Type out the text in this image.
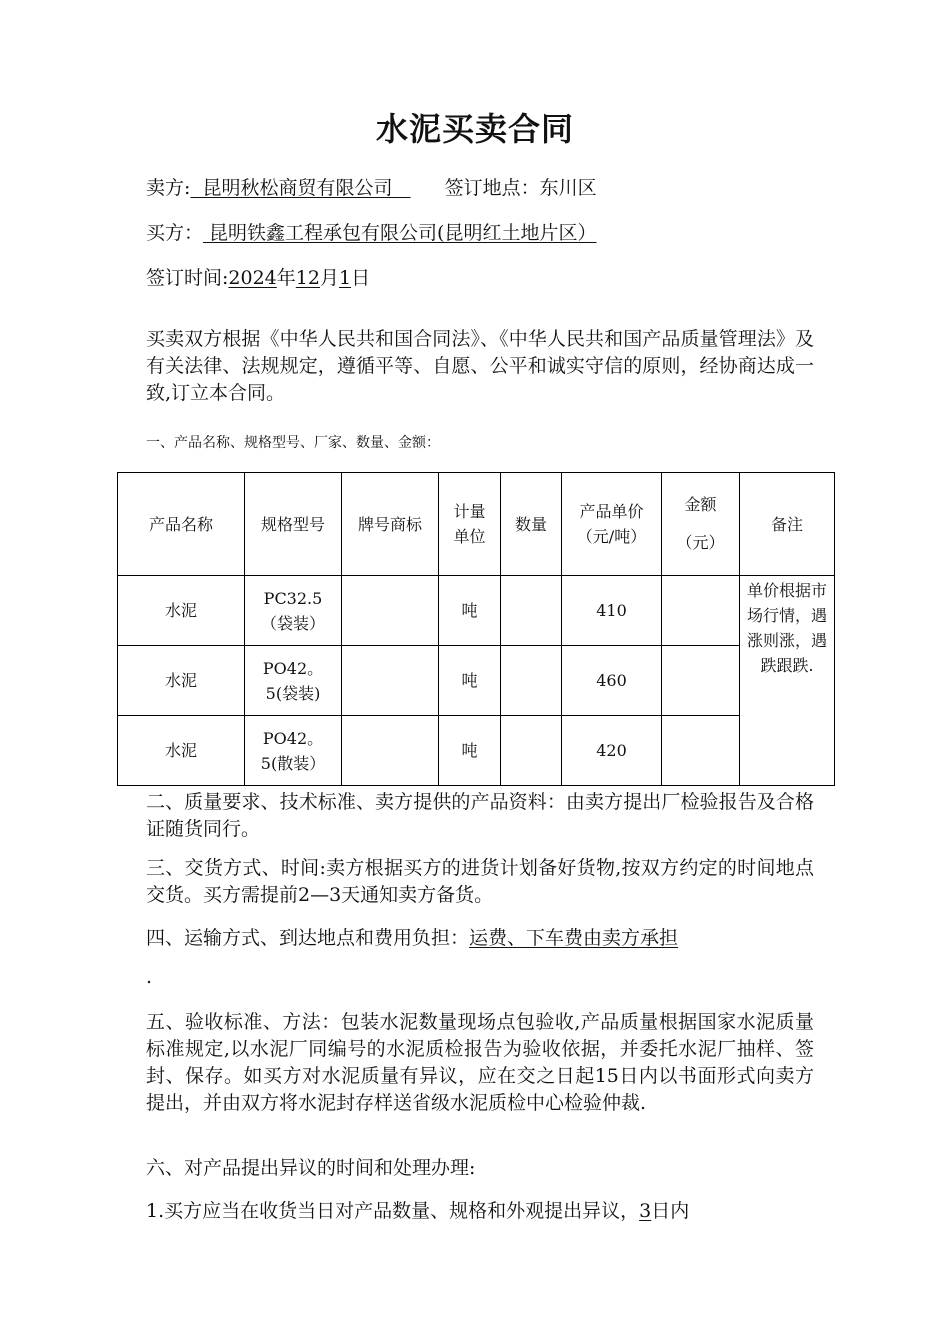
水泥买卖合同
卖方:  昆明秋松商贸有限公司   签订地点：东川区
买方： 昆明铁鑫工程承包有限公司(昆明红土地片区）
签订时间:2024年12月1日
买卖双方根据《中华人民共和国合同法》、《中华人民共和国产品质量管理法》及有关法律、法规规定，遵循平等、自愿、公平和诚实守信的原则，经协商达成一致,订立本合同。
一、产品名称、规格型号、厂家、数量、金额：
产品名称	规格型号	牌号商标	计量单位	数量	产品单价（元/吨）	金额（元）	备注
水泥	PC32.5（袋装）		吨		410		单价根据市场行情，遇涨则涨，遇跌跟跌.
水泥	PO42。5(袋装)		吨		460		
水泥	PO42。5(散装）		吨		420		
二、质量要求、技术标准、卖方提供的产品资料：由卖方提出厂检验报告及合格证随货同行。
三、交货方式、时间:卖方根据买方的进货计划备好货物,按双方约定的时间地点交货。买方需提前2—3天通知卖方备货。
四、运输方式、到达地点和费用负担：运费、下车费由卖方承担
.
五、验收标准、方法：包装水泥数量现场点包验收,产品质量根据国家水泥质量标准规定,以水泥厂同编号的水泥质检报告为验收依据，并委托水泥厂抽样、签封、保存。如买方对水泥质量有异议，应在交之日起15日内以书面形式向卖方提出，并由双方将水泥封存样送省级水泥质检中心检验仲裁.
六、对产品提出异议的时间和处理办理:
1.买方应当在收货当日对产品数量、规格和外观提出异议，3日内
